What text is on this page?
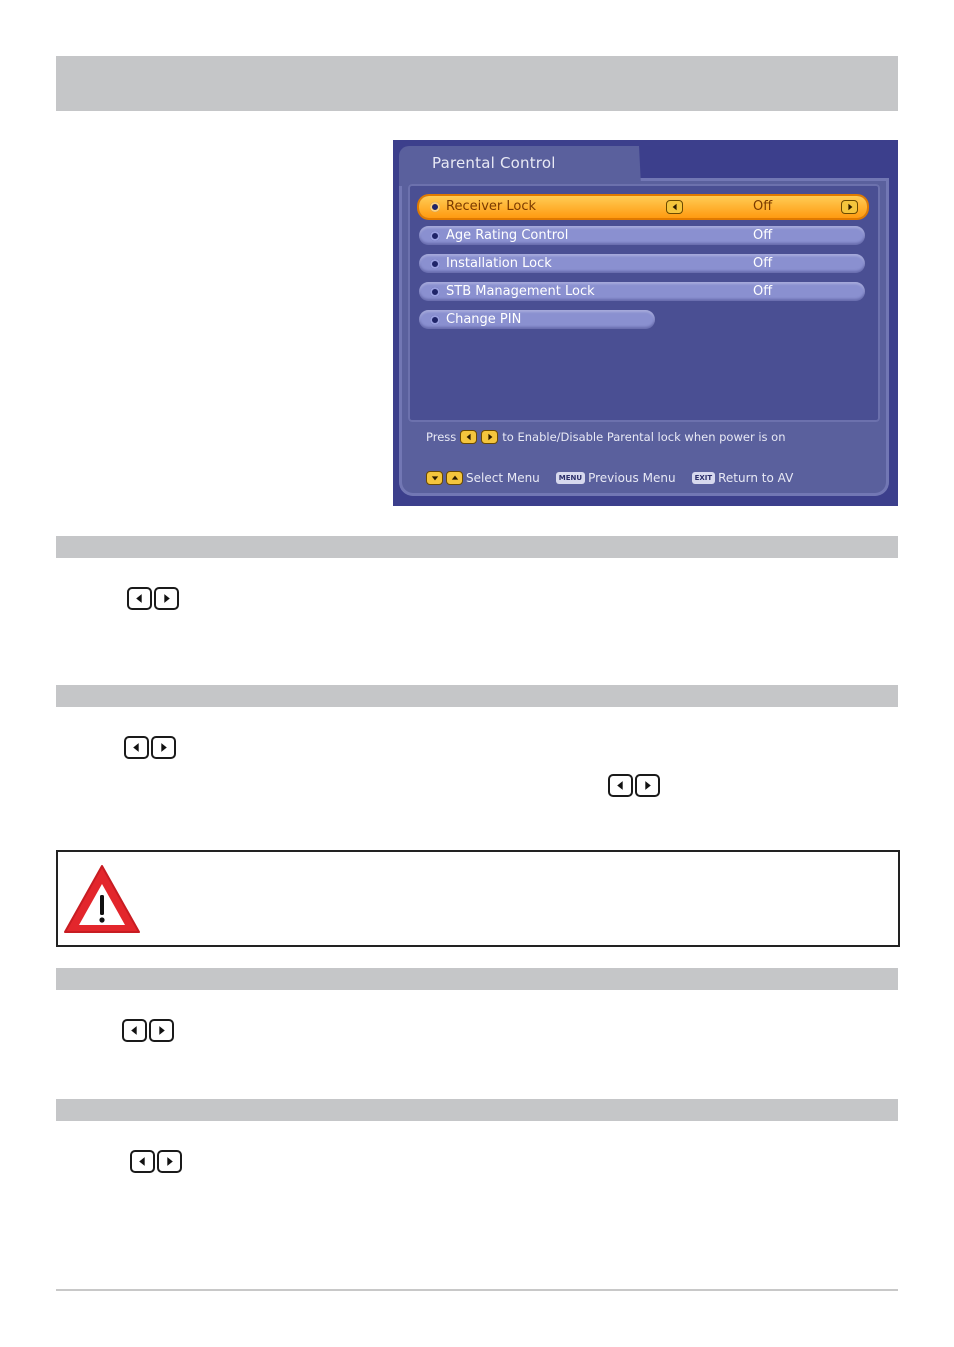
Parental Control
Receiver Lock	Off
Age Rating Control	Off
Installation Lock	Off
STB Management Lock	Off
Change PIN
Press	to Enable/Disable Parental lock when power is on
Select Menu	MENU Previous Menu	EXIT Return to AV
